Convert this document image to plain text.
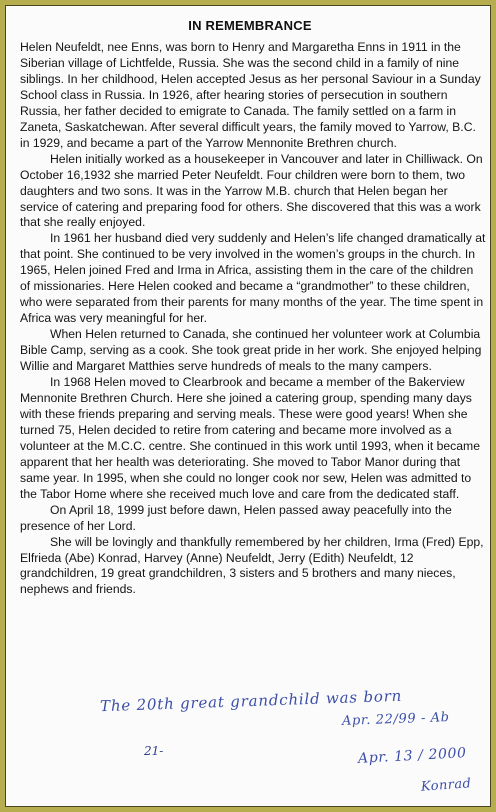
IN REMEMBRANCE

Helen Neufeldt, nee Enns, was born to Henry and Margaretha Enns in 1911 in the Siberian village of Lichtfelde, Russia. She was the second child in a family of nine siblings. In her childhood, Helen accepted Jesus as her personal Saviour in a Sunday School class in Russia. In 1926, after hearing stories of persecution in southern Russia, her father decided to emigrate to Canada. The family settled on a farm in Zaneta, Saskatchewan. After several difficult years, the family moved to Yarrow, B.C. in 1929, and became a part of the Yarrow Mennonite Brethren church.

Helen initially worked as a housekeeper in Vancouver and later in Chilliwack. On October 16,1932 she married Peter Neufeldt. Four children were born to them, two daughters and two sons. It was in the Yarrow M.B. church that Helen began her service of catering and preparing food for others. She discovered that this was a work that she really enjoyed.

In 1961 her husband died very suddenly and Helen’s life changed dramatically at that point. She continued to be very involved in the women’s groups in the church. In 1965, Helen joined Fred and Irma in Africa, assisting them in the care of the children of missionaries. Here Helen cooked and became a “grandmother” to these children, who were separated from their parents for many months of the year. The time spent in Africa was very meaningful for her.

When Helen returned to Canada, she continued her volunteer work at Columbia Bible Camp, serving as a cook. She took great pride in her work. She enjoyed helping Willie and Margaret Matthies serve hundreds of meals to the many campers.

In 1968 Helen moved to Clearbrook and became a member of the Bakerview Mennonite Brethren Church. Here she joined a catering group, spending many days with these friends preparing and serving meals. These were good years! When she turned 75, Helen decided to retire from catering and became more involved as a volunteer at the M.C.C. centre. She continued in this work until 1993, when it became apparent that her health was deteriorating. She moved to Tabor Manor during that same year. In 1995, when she could no longer cook nor sew, Helen was admitted to the Tabor Home where she received much love and care from the dedicated staff.

On April 18, 1999 just before dawn, Helen passed away peacefully into the presence of her Lord.

She will be lovingly and thankfully remembered by her children, Irma (Fred) Epp, Elfrieda (Abe) Konrad, Harvey (Anne) Neufeldt, Jerry (Edith) Neufeldt, 12 grandchildren, 19 great grandchildren, 3 sisters and 5 brothers and many nieces, nephews and friends.

The 20th great grandchild was born
Apr. 22/99 - Ab
21-	Apr. 13 / 2000
Konrad
